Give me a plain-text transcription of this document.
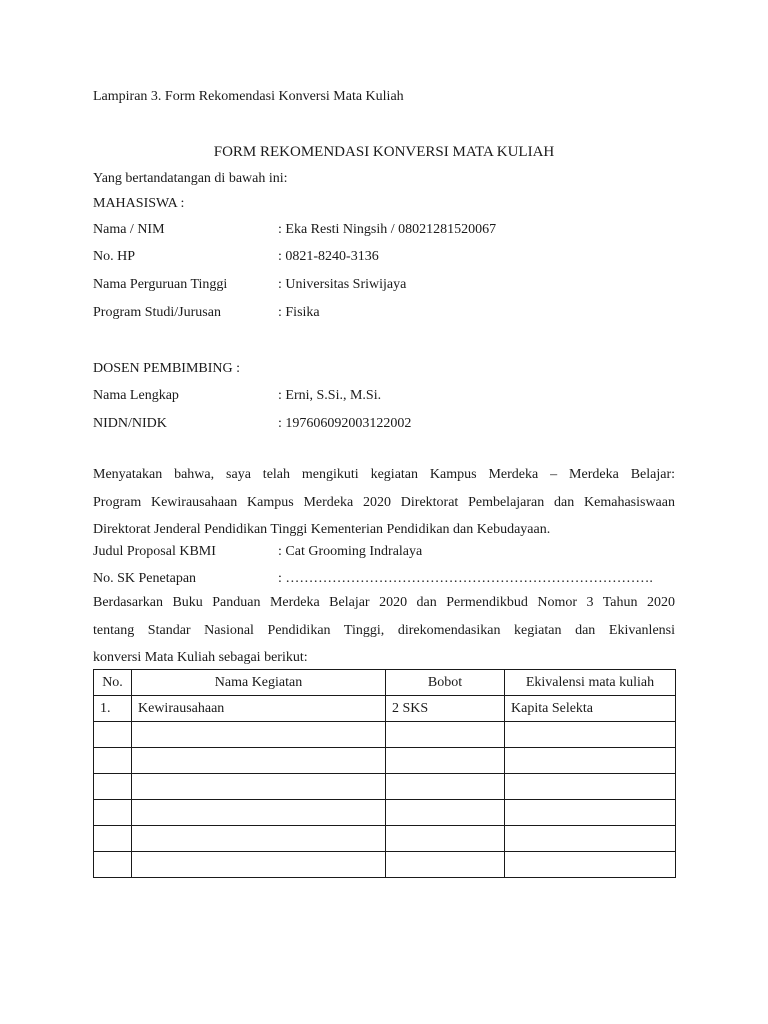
Lampiran 3. Form Rekomendasi Konversi Mata Kuliah
FORM REKOMENDASI KONVERSI MATA KULIAH
Yang bertandatangan di bawah ini:
MAHASISWA :
Nama / NIM	: Eka Resti Ningsih / 08021281520067
No. HP	: 0821-8240-3136
Nama Perguruan Tinggi	: Universitas Sriwijaya
Program Studi/Jurusan	: Fisika
DOSEN PEMBIMBING :
Nama Lengkap	: Erni, S.Si., M.Si.
NIDN/NIDK	: 197606092003122002
Menyatakan bahwa, saya telah mengikuti kegiatan Kampus Merdeka – Merdeka Belajar:
Program Kewirausahaan Kampus Merdeka 2020 Direktorat Pembelajaran dan Kemahasiswaan
Direktorat Jenderal Pendidikan Tinggi Kementerian Pendidikan dan Kebudayaan.
Judul Proposal KBMI	: Cat Grooming Indralaya
No. SK Penetapan	: …………………………………………………………………….
Berdasarkan Buku Panduan Merdeka Belajar 2020 dan Permendikbud Nomor 3 Tahun 2020
tentang Standar Nasional Pendidikan Tinggi, direkomendasikan kegiatan dan Ekivanlensi
konversi Mata Kuliah sebagai berikut:
No.	Nama Kegiatan	Bobot	Ekivalensi mata kuliah
1.	Kewirausahaan	2 SKS	Kapita Selekta
